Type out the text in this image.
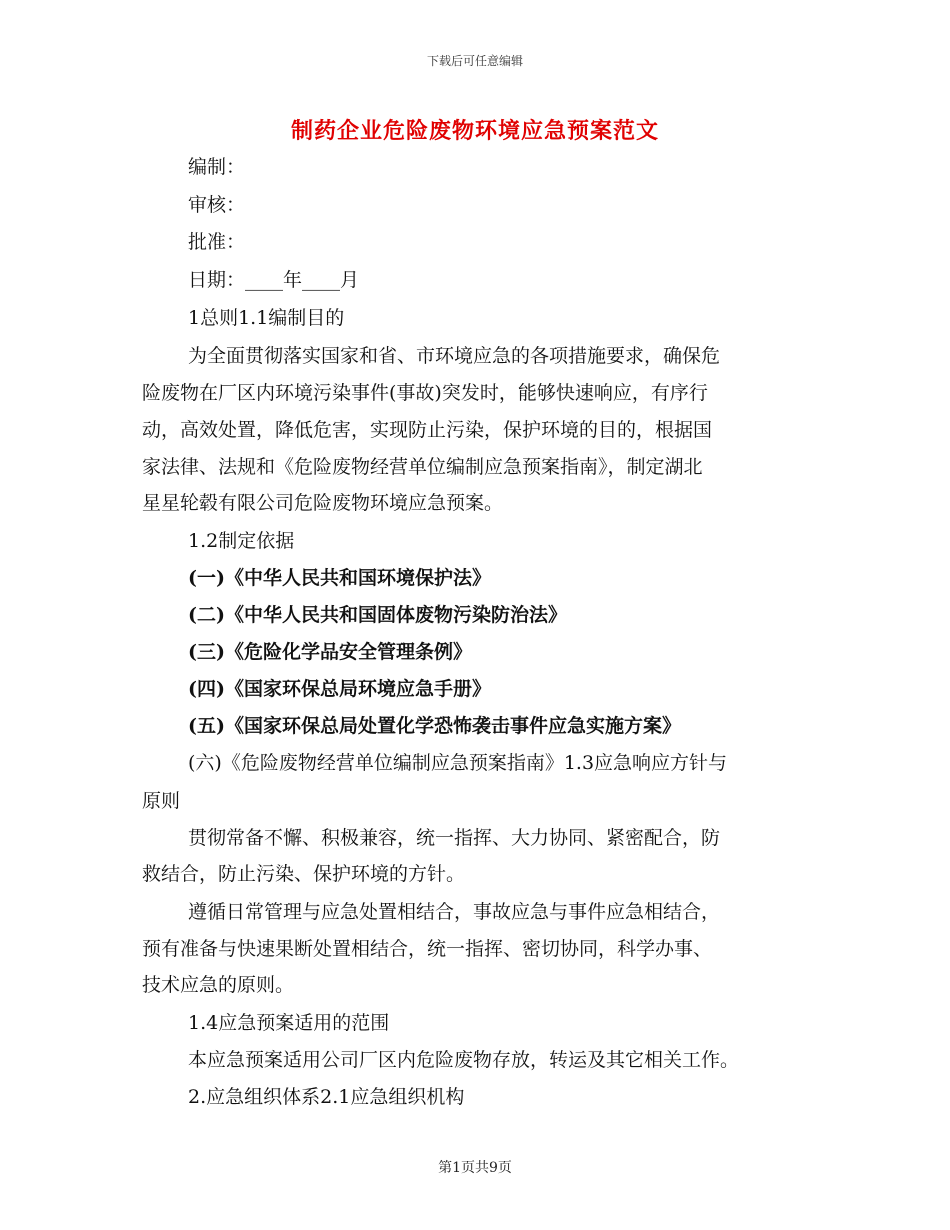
下载后可任意编辑
制药企业危险废物环境应急预案范文
编制：
审核：
批准：
日期：____年____月
1总则1.1编制目的
为全面贯彻落实国家和省、市环境应急的各项措施要求，确保危
险废物在厂区内环境污染事件(事故)突发时，能够快速响应，有序行
动，高效处置，降低危害，实现防止污染，保护环境的目的，根据国
家法律、法规和《危险废物经营单位编制应急预案指南》，制定湖北
星星轮毂有限公司危险废物环境应急预案。
1.2制定依据
(一)《中华人民共和国环境保护法》
(二)《中华人民共和国固体废物污染防治法》
(三)《危险化学品安全管理条例》
(四)《国家环保总局环境应急手册》
(五)《国家环保总局处置化学恐怖袭击事件应急实施方案》
(六)《危险废物经营单位编制应急预案指南》1.3应急响应方针与
原则
贯彻常备不懈、积极兼容，统一指挥、大力协同、紧密配合，防
救结合，防止污染、保护环境的方针。
遵循日常管理与应急处置相结合，事故应急与事件应急相结合，
预有准备与快速果断处置相结合，统一指挥、密切协同，科学办事、
技术应急的原则。
1.4应急预案适用的范围
本应急预案适用公司厂区内危险废物存放，转运及其它相关工作。
2.应急组织体系2.1应急组织机构
第1页共9页
